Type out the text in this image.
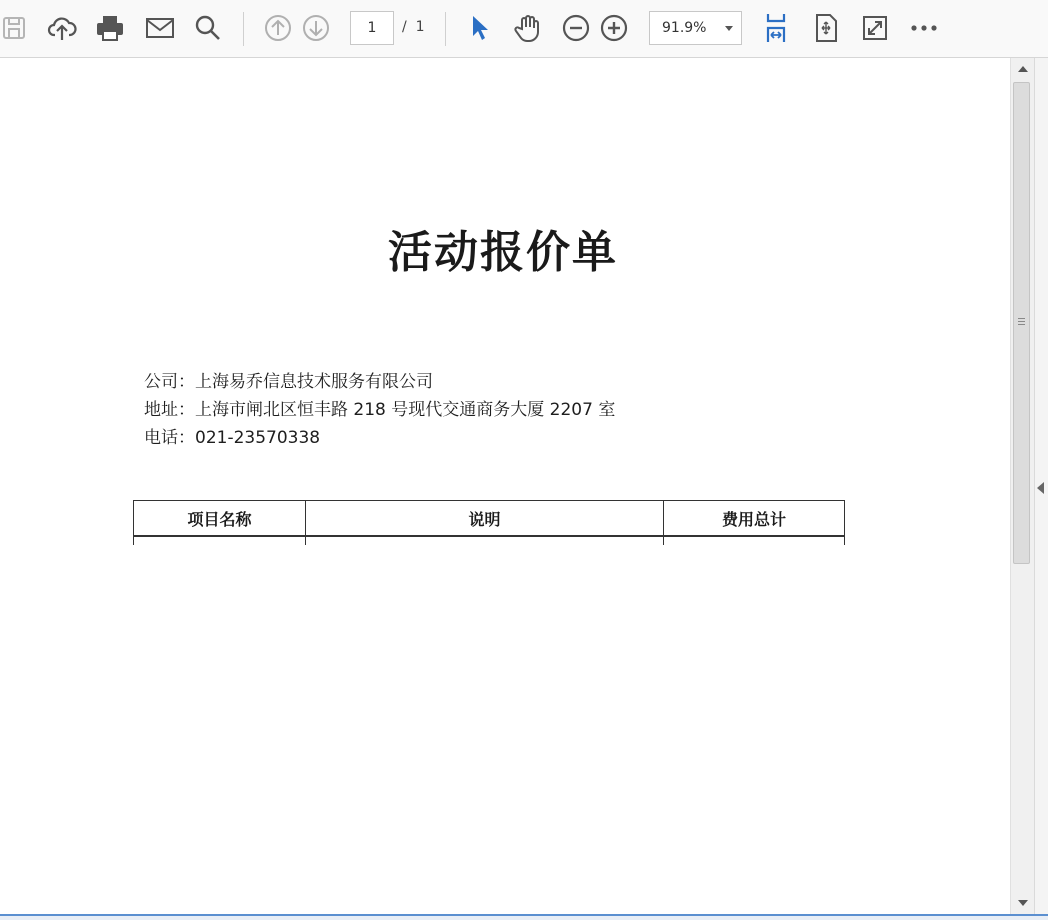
1	/  1	91.9%
活动报价单
公司：上海易乔信息技术服务有限公司
地址：上海市闸北区恒丰路 218 号现代交通商务大厦 2207 室
电话：021-23570338
项目名称	说明	费用总计
